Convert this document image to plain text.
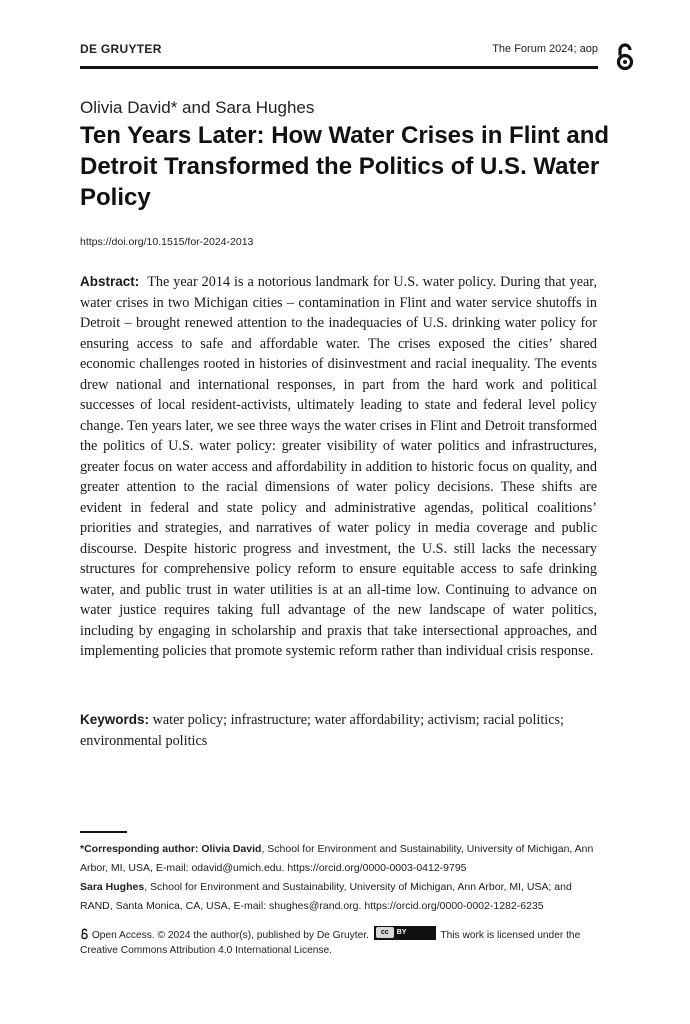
DE GRUYTER	The Forum 2024; aop
Olivia David* and Sara Hughes
Ten Years Later: How Water Crises in Flint and Detroit Transformed the Politics of U.S. Water Policy
https://doi.org/10.1515/for-2024-2013

Abstract: The year 2014 is a notorious landmark for U.S. water policy. During that year, water crises in two Michigan cities – contamination in Flint and water service shutoffs in Detroit – brought renewed attention to the inadequacies of U.S. drinking water policy for ensuring access to safe and affordable water. The crises exposed the cities’ shared economic challenges rooted in histories of disinvestment and racial inequality. The events drew national and international responses, in part from the hard work and political successes of local resident-activists, ultimately leading to state and federal level policy change. Ten years later, we see three ways the water crises in Flint and Detroit transformed the politics of U.S. water policy: greater visibility of water politics and infrastructures, greater focus on water access and affordability in addition to historic focus on quality, and greater attention to the racial dimensions of water policy decisions. These shifts are evident in federal and state policy and administrative agendas, political coalitions’ priorities and strategies, and narratives of water policy in media coverage and public discourse. Despite historic progress and investment, the U.S. still lacks the necessary structures for comprehensive policy reform to ensure equitable access to safe drinking water, and public trust in water utilities is at an all-time low. Continuing to advance on water justice requires taking full advantage of the new landscape of water politics, including by engaging in scholarship and praxis that take intersectional approaches, and implementing policies that promote systemic reform rather than individual crisis response.

Keywords: water policy; infrastructure; water affordability; activism; racial politics; environmental politics

*Corresponding author: Olivia David, School for Environment and Sustainability, University of Michigan, Ann Arbor, MI, USA, E-mail: odavid@umich.edu. https://orcid.org/0000-0003-0412-9795
Sara Hughes, School for Environment and Sustainability, University of Michigan, Ann Arbor, MI, USA; and RAND, Santa Monica, CA, USA, E-mail: shughes@rand.org. https://orcid.org/0000-0002-1282-6235

Open Access. © 2024 the author(s), published by De Gruyter.	cc	BY	This work is licensed under the Creative Commons Attribution 4.0 International License.
